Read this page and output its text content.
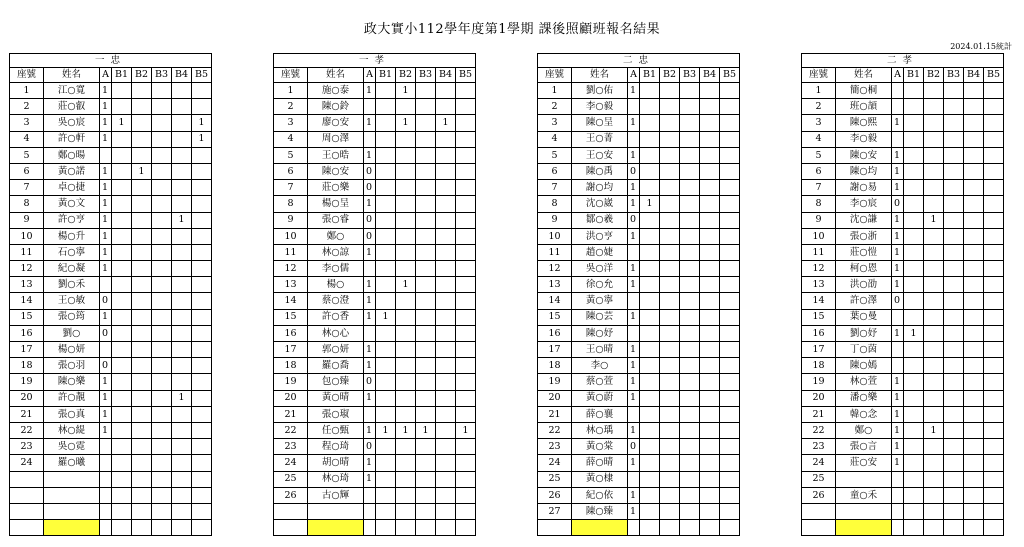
政大實小112學年度第1學期 課後照顧班報名結果
2024.01.15統計
一忠							
座號	姓名	A	B1	B2	B3	B4	B5
1	江○寬	1					
2	莊○叡	1					
3	吳○宸	1	1				1
4	許○軒	1					1
5	鄭○暘						
6	黃○諾	1		1			
7	卓○捷	1					
8	黃○文	1					
9	許○亨	1				1	
10	楊○升	1					
11	石○寧	1					
12	紀○凝	1					
13	劉○禾						
14	王○敏	0					
15	張○筠	1					
16	劉○	0					
17	楊○妍						
18	張○羽	0					
19	陳○樂	1					
20	許○靚	1				1	
21	張○真	1					
22	林○緹	1					
23	吳○霓						
24	羅○曦						

一孝							
座號	姓名	A	B1	B2	B3	B4	B5
1	施○泰	1		1			
2	陳○鈴						
3	廖○安	1		1		1	
4	周○澤						
5	王○晧	1					
6	陳○安	0					
7	莊○樂	0					
8	楊○呈	1					
9	張○睿	0					
10	鄭○	0					
11	林○諒	1					
12	李○儒						
13	楊○	1		1			
14	蔡○澄	1					
15	許○香	1	1				
16	林○心						
17	郭○妍	1					
18	羅○喬	1					
19	包○臻	0					
20	黃○晴	1					
21	張○琡						
22	任○甄	1	1	1	1		1
23	程○琦	0					
24	胡○晴	1					
25	林○琦	1					
26	古○輝						

二忠							
座號	姓名	A	B1	B2	B3	B4	B5
1	劉○佑	1					
2	李○毅						
3	陳○呈	1					
4	王○菁						
5	王○安	1					
6	陳○禹	0					
7	謝○均	1					
8	沈○崴	1	1				
9	鄒○羲	0					
10	洪○亨	1					
11	趙○婕						
12	吳○洋	1					
13	徐○允	1					
14	黃○寧						
15	陳○芸	1					
16	陳○妤						
17	王○晴	1					
18	李○	1					
19	蔡○萱	1					
20	黃○蔚	1					
21	薛○襄						
22	林○瑀	1					
23	黃○棠	0					
24	薛○晴	1					
25	黃○棣						
26	紀○依	1					
27	陳○臻	1					

二孝							
座號	姓名	A	B1	B2	B3	B4	B5
1	簡○桐						
2	班○頡						
3	陳○熙	1					
4	李○毅						
5	陳○安	1					
6	陳○均	1					
7	謝○易	1					
8	李○宸	0					
9	沈○謙	1		1			
10	張○浙	1					
11	莊○愷	1					
12	柯○恩	1					
13	洪○劭	1					
14	許○澤	0					
15	葉○曼						
16	劉○妤	1	1				
17	丁○茵						
18	陳○嫣						
19	林○萱	1					
20	潘○樂	1					
21	韓○念	1					
22	鄭○	1		1			
23	張○言	1					
24	莊○安	1					
25							
26	童○禾						
